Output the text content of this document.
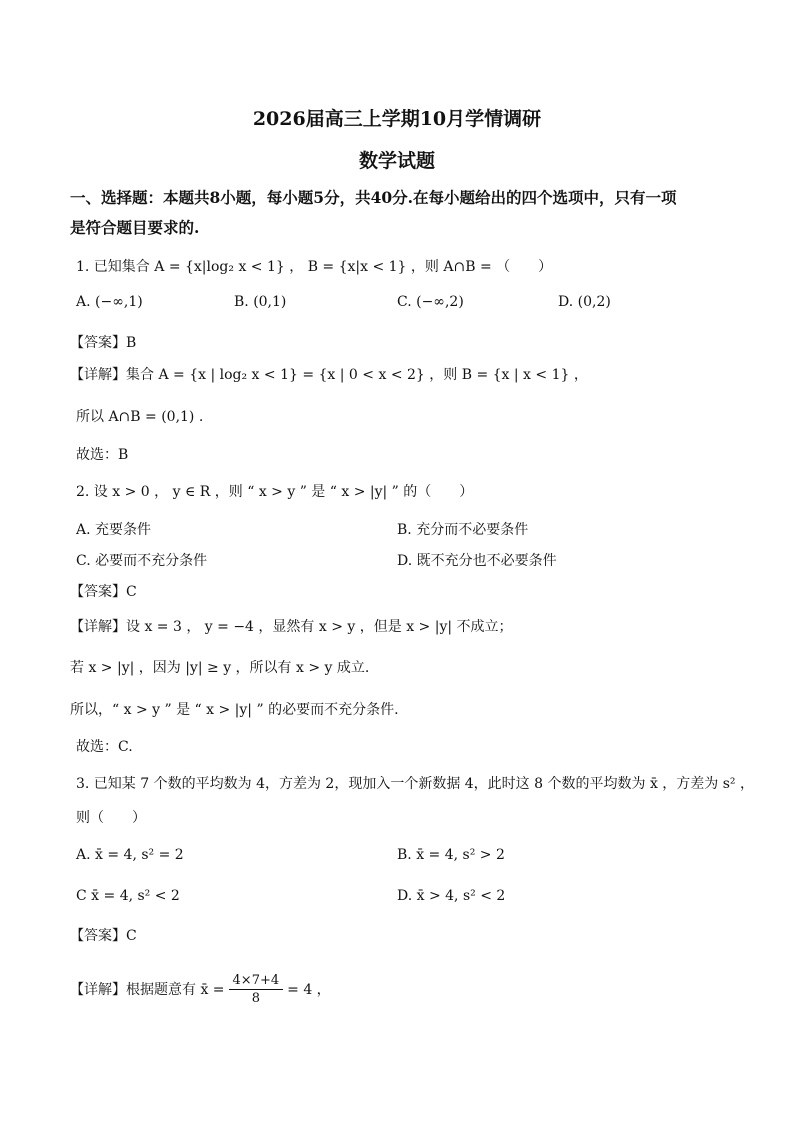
2026届高三上学期10月学情调研
数学试题
一、选择题：本题共8小题，每小题5分，共40分.在每小题给出的四个选项中，只有一项
是符合题目要求的.
1. 已知集合 A = {x|log₂ x < 1} ， B = {x|x < 1} ，则 A∩B = （　　）
A. (−∞,1)	B. (0,1)	C. (−∞,2)	D. (0,2)
【答案】B
【详解】集合 A = {x | log₂ x < 1} = {x | 0 < x < 2} ，则 B = {x | x < 1} ，
所以 A∩B = (0,1) .
故选：B
2. 设 x > 0 ， y ∈ R ，则 “ x > y ” 是 “ x > |y| ” 的（　　）
A. 充要条件	B. 充分而不必要条件
C. 必要而不充分条件	D. 既不充分也不必要条件
【答案】C
【详解】设 x = 3 ， y = −4 ，显然有 x > y ，但是 x > |y| 不成立；
若 x > |y| ，因为 |y| ≥ y ，所以有 x > y 成立.
所以，“ x > y ” 是 “ x > |y| ” 的必要而不充分条件.
故选：C.
3. 已知某 7 个数的平均数为 4，方差为 2，现加入一个新数据 4，此时这 8 个数的平均数为 x̄ ，方差为 s² ，
则（　　）
A. x̄ = 4, s² = 2	B. x̄ = 4, s² > 2
C x̄ = 4, s² < 2	D. x̄ > 4, s² < 2
【答案】C
【详解】根据题意有 x̄ = $\frac{4\times 7+4}{8} = 4$ ，
